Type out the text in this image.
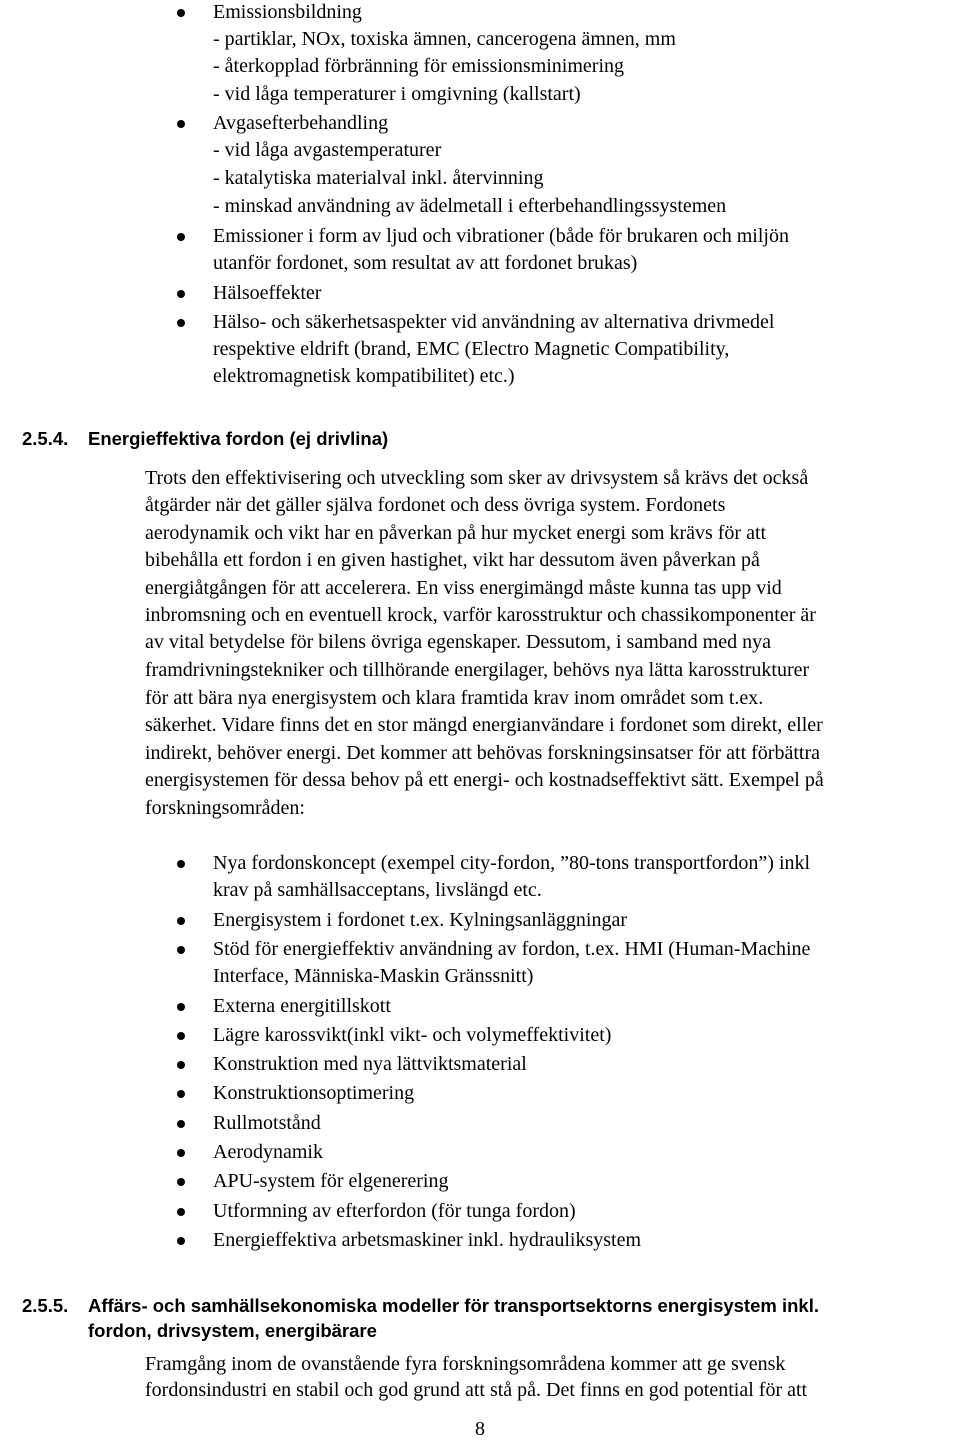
Emissionsbildning
- partiklar, NOx, toxiska ämnen, cancerogena ämnen, mm
- återkopplad förbränning för emissionsminimering
- vid låga temperaturer i omgivning (kallstart)
Avgasefterbehandling
- vid låga avgastemperaturer
- katalytiska materialval inkl. återvinning
- minskad användning av ädelmetall i efterbehandlingssystemen
Emissioner i form av ljud och vibrationer (både för brukaren och miljön
utanför fordonet, som resultat av att fordonet brukas)
Hälsoeffekter
Hälso- och säkerhetsaspekter vid användning av alternativa drivmedel
respektive eldrift (brand, EMC (Electro Magnetic Compatibility,
elektromagnetisk kompatibilitet) etc.)
2.5.4. Energieffektiva fordon (ej drivlina)
Trots den effektivisering och utveckling som sker av drivsystem så krävs det också
åtgärder när det gäller själva fordonet och dess övriga system. Fordonets
aerodynamik och vikt har en påverkan på hur mycket energi som krävs för att
bibehålla ett fordon i en given hastighet, vikt har dessutom även påverkan på
energiåtgången för att accelerera. En viss energimängd måste kunna tas upp vid
inbromsning och en eventuell krock, varför karosstruktur och chassikomponenter är
av vital betydelse för bilens övriga egenskaper. Dessutom, i samband med nya
framdrivningstekniker och tillhörande energilager, behövs nya lätta karosstrukturer
för att bära nya energisystem och klara framtida krav inom området som t.ex.
säkerhet. Vidare finns det en stor mängd energianvändare i fordonet som direkt, eller
indirekt, behöver energi. Det kommer att behövas forskningsinsatser för att förbättra
energisystemen för dessa behov på ett energi- och kostnadseffektivt sätt. Exempel på
forskningsområden:
Nya fordonskoncept (exempel city-fordon, ”80-tons transportfordon”) inkl
krav på samhällsacceptans, livslängd etc.
Energisystem i fordonet t.ex. Kylningsanläggningar
Stöd för energieffektiv användning av fordon, t.ex. HMI (Human-Machine
Interface, Människa-Maskin Gränssnitt)
Externa energitillskott
Lägre karossvikt(inkl vikt- och volymeffektivitet)
Konstruktion med nya lättviktsmaterial
Konstruktionsoptimering
Rullmotstånd
Aerodynamik
APU-system för elgenerering
Utformning av efterfordon (för tunga fordon)
Energieffektiva arbetsmaskiner inkl. hydrauliksystem
2.5.5. Affärs- och samhällsekonomiska modeller för transportsektorns energisystem inkl.
fordon, drivsystem, energibärare
Framgång inom de ovanstående fyra forskningsområdena kommer att ge svensk
fordonsindustri en stabil och god grund att stå på. Det finns en god potential för att
8
